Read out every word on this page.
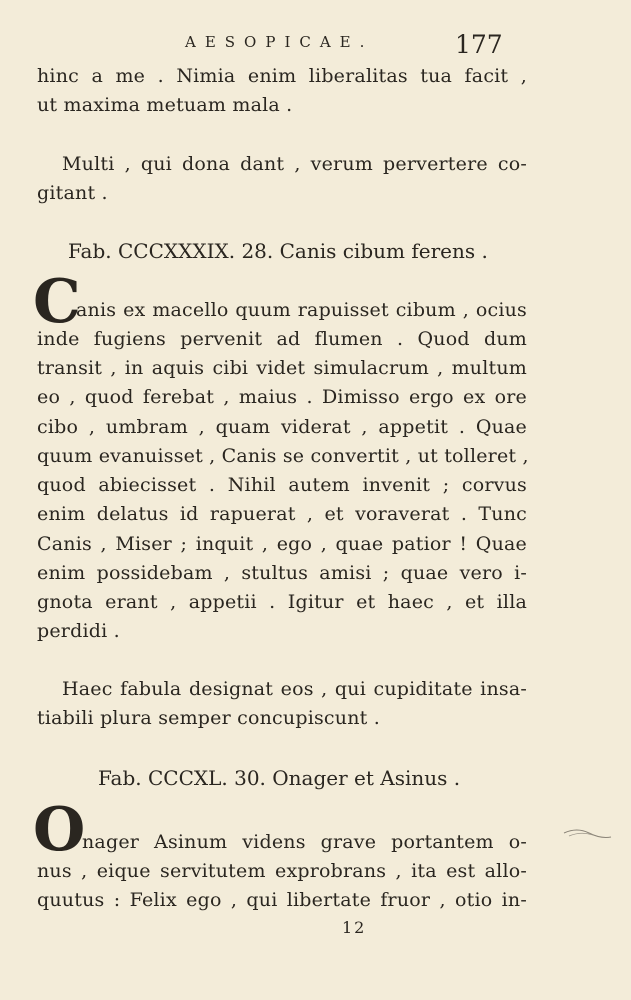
AESOPICAE.	177
hinc a me . Nimia enim liberalitas tua facit ,
ut maxima metuam mala .
Multi , qui dona dant , verum pervertere co-
gitant .
Fab. CCCXXXIX. 28. Canis cibum ferens .
C
anis ex macello quum rapuisset cibum , ocius
inde fugiens pervenit ad flumen . Quod dum
transit , in aquis cibi videt simulacrum , multum
eo , quod ferebat , maius . Dimisso ergo ex ore
cibo , umbram , quam viderat , appetit . Quae
quum evanuisset , Canis se convertit , ut tolleret ,
quod abiecisset . Nihil autem invenit ; corvus
enim delatus id rapuerat , et voraverat . Tunc
Canis , Miser ; inquit , ego , quae patior ! Quae
enim possidebam , stultus amisi ; quae vero i-
gnota erant , appetii . Igitur et haec , et illa
perdidi .
Haec fabula designat eos , qui cupiditate insa-
tiabili plura semper concupiscunt .
Fab. CCCXL. 30. Onager et Asinus .
O
nager Asinum videns grave portantem o-
nus , eique servitutem exprobrans , ita est allo-
quutus : Felix ego , qui libertate fruor , otio in-
12
